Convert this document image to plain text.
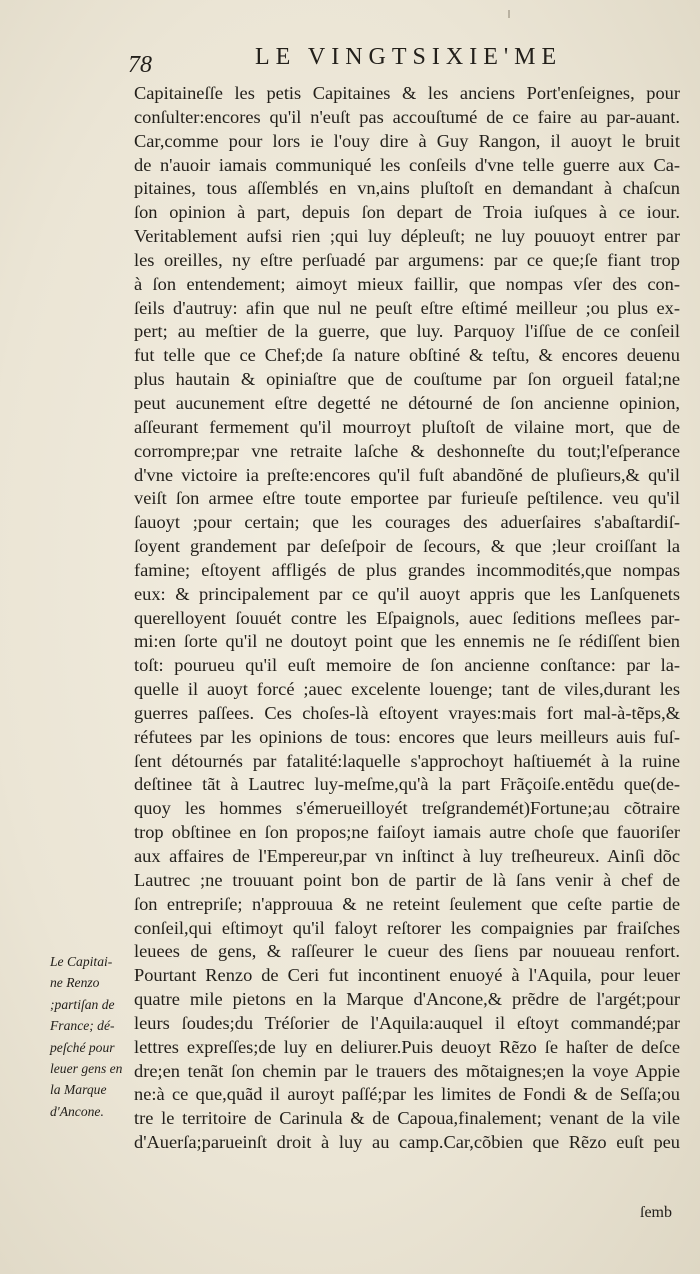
78	LE VINGTSIXIE'ME
Capitaineſſe les petis Capitaines & les anciens Port'enſeignes, pour
conſulter:encores qu'il n'euſt pas accouſtumé de ce faire au par-auant.
Car,comme pour lors ie l'ouy dire à Guy Rangon, il auoyt le bruit
de n'auoir iamais communiqué les conſeils d'vne telle guerre aux Ca-
pitaines, tous aſſemblés en vn,ains pluſtoſt en demandant à chaſcun
ſon opinion à part, depuis ſon depart de Troia iuſques à ce iour.
Veritablement aufsi rien ;qui luy dépleuſt; ne luy pouuoyt entrer par
les oreilles, ny eſtre perſuadé par argumens: par ce que;ſe fiant trop
à ſon entendement; aimoyt mieux faillir, que nompas vſer des con-
ſeils d'autruy: afin que nul ne peuſt eſtre eſtimé meilleur ;ou plus ex-
pert; au meſtier de la guerre, que luy. Parquoy l'iſſue de ce conſeil
fut telle que ce Chef;de ſa nature obſtiné & teſtu, & encores deuenu
plus hautain & opiniaſtre que de couſtume par ſon orgueil fatal;ne
peut aucunement eſtre degetté ne détourné de ſon ancienne opinion,
aſſeurant fermement qu'il mourroyt pluſtoſt de vilaine mort, que de
corrompre;par vne retraite laſche & deshonneſte du tout;l'eſperance
d'vne victoire ia preſte:encores qu'il fuſt abandõné de pluſieurs,& qu'il
veiſt ſon armee eſtre toute emportee par furieuſe peſtilence. veu qu'il
ſauoyt ;pour certain; que les courages des aduerſaires s'abaſtardiſ-
ſoyent grandement par deſeſpoir de ſecours, & que ;leur croiſſant la
famine; eſtoyent affligés de plus grandes incommodités,que nompas
eux: & principalement par ce qu'il auoyt appris que les Lanſquenets
querelloyent ſouuét contre les Eſpaignols, auec ſeditions meſlees par-
mi:en ſorte qu'il ne doutoyt point que les ennemis ne ſe rédiſſent bien
toſt: pourueu qu'il euſt memoire de ſon ancienne conſtance: par la-
quelle il auoyt forcé ;auec excelente louenge; tant de viles,durant les
guerres paſſees. Ces choſes-là eſtoyent vrayes:mais fort mal-à-tẽps,&
réfutees par les opinions de tous: encores que leurs meilleurs auis fuſ-
ſent détournés par fatalité:laquelle s'approchoyt haſtiuemét à la ruine
deſtinee tãt à Lautrec luy-meſme,qu'à la part Frãçoiſe.entẽdu que(de-
quoy les hommes s'émerueilloyét treſgrandemét)Fortune;au cõtraire
trop obſtinee en ſon propos;ne faiſoyt iamais autre choſe que fauoriſer
aux affaires de l'Empereur,par vn inſtinct à luy treſheureux. Ainſi dõc
Lautrec ;ne trouuant point bon de partir de là ſans venir à chef de
ſon entrepriſe; n'approuua & ne reteint ſeulement que ceſte partie de
conſeil,qui eſtimoyt qu'il faloyt reſtorer les compaignies par fraiſches
leuees de gens, & raſſeurer le cueur des ſiens par nouueau renfort.
Pourtant Renzo de Ceri fut incontinent enuoyé à l'Aquila, pour leuer
quatre mile pietons en la Marque d'Ancone,& prẽdre de l'argét;pour
leurs ſoudes;du Tréſorier de l'Aquila:auquel il eſtoyt commandé;par
lettres expreſſes;de luy en deliurer.Puis deuoyt Rẽzo ſe haſter de deſce
dre;en tenãt ſon chemin par le trauers des mõtaignes;en la voye Appie
ne:à ce que,quãd il auroyt paſſé;par les limites de Fondi & de Seſſa;ou
tre le territoire de Carinula & de Capoua,finalement; venant de la vile
d'Auerſa;parueinſt droit à luy au camp.Car,cõbien que Rẽzo euſt peu
Le Capitai-
ne Renzo
;partiſan de
France; dé-
peſché pour
leuer gens en
la Marque
d'Ancone.
ſemb
